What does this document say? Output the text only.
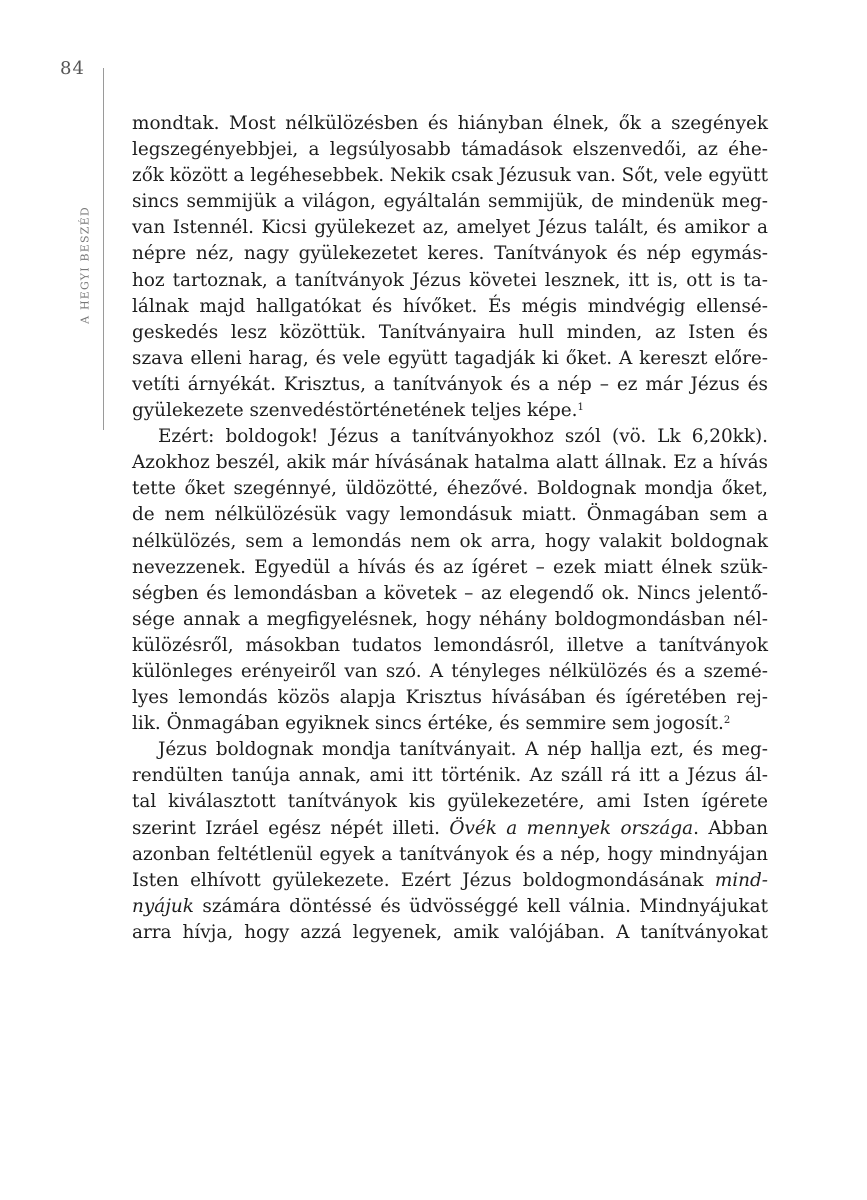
84
A HEGYI BESZÉD
mondtak. Most nélkülözésben és hiányban élnek, ők a szegények
legszegényebbjei, a legsúlyosabb támadások elszenvedői, az éhe-
zők között a legéhesebbek. Nekik csak Jézusuk van. Sőt, vele együtt
sincs semmijük a világon, egyáltalán semmijük, de mindenük meg-
van Istennél. Kicsi gyülekezet az, amelyet Jézus talált, és amikor a
népre néz, nagy gyülekezetet keres. Tanítványok és nép egymás-
hoz tartoznak, a tanítványok Jézus követei lesznek, itt is, ott is ta-
lálnak majd hallgatókat és hívőket. És mégis mindvégig ellensé-
geskedés lesz közöttük. Tanítványaira hull minden, az Isten és
szava elleni harag, és vele együtt tagadják ki őket. A kereszt előre-
vetíti árnyékát. Krisztus, a tanítványok és a nép – ez már Jézus és
gyülekezete szenvedéstörténetének teljes képe.$^1$
Ezért: boldogok! Jézus a tanítványokhoz szól (vö. Lk 6,20kk).
Azokhoz beszél, akik már hívásának hatalma alatt állnak. Ez a hívás
tette őket szegénnyé, üldözötté, éhezővé. Boldognak mondja őket,
de nem nélkülözésük vagy lemondásuk miatt. Önmagában sem a
nélkülözés, sem a lemondás nem ok arra, hogy valakit boldognak
nevezzenek. Egyedül a hívás és az ígéret – ezek miatt élnek szük-
ségben és lemondásban a követek – az elegendő ok. Nincs jelentő-
sége annak a megfigyelésnek, hogy néhány boldogmondásban nél-
külözésről, másokban tudatos lemondásról, illetve a tanítványok
különleges erényeiről van szó. A tényleges nélkülözés és a szemé-
lyes lemondás közös alapja Krisztus hívásában és ígéretében rej-
lik. Önmagában egyiknek sincs értéke, és semmire sem jogosít.$^2$
Jézus boldognak mondja tanítványait. A nép hallja ezt, és meg-
rendülten tanúja annak, ami itt történik. Az száll rá itt a Jézus ál-
tal kiválasztott tanítványok kis gyülekezetére, ami Isten ígérete
szerint Izráel egész népét illeti. Övék a mennyek országa. Abban
azonban feltétlenül egyek a tanítványok és a nép, hogy mindnyájan
Isten elhívott gyülekezete. Ezért Jézus boldogmondásának mind-
nyájuk számára döntéssé és üdvösséggé kell válnia. Mindnyájukat
arra hívja, hogy azzá legyenek, amik valójában. A tanítványokat
